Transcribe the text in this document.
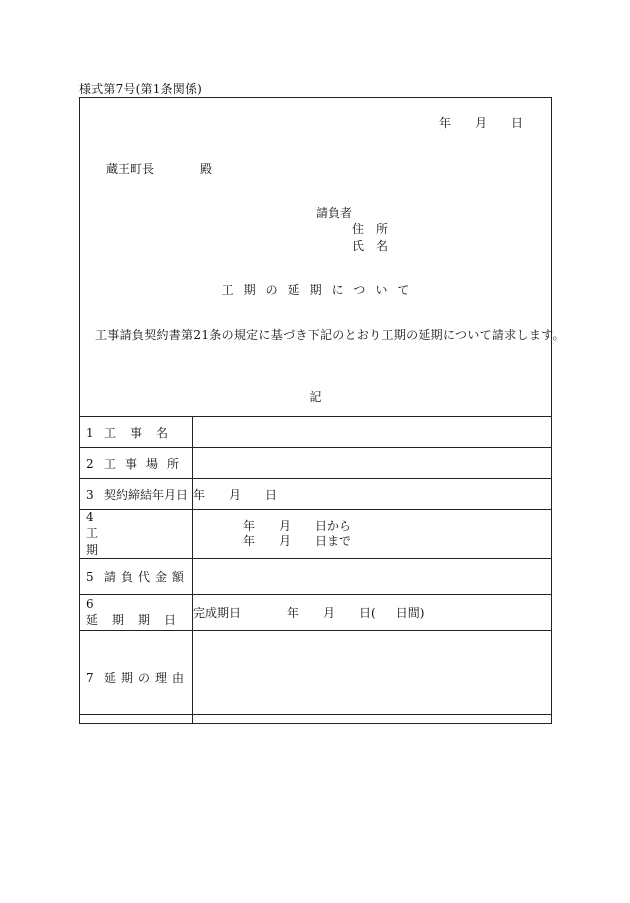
様式第7号(第1条関係)
年 月 日
蔵王町長	殿
請負者
住　所
氏　名
工期の延期について
工事請負契約書第21条の規定に基づき下記のとおり工期の延期について請求します。
記
1 工事名	
2 工事場所	
3 契約締結年月日	年 月 日
4工期	年 月 日から
年 月 日まで

5 請負代金額	
6延期期日	完成期日 年 月 日( 日間)
7 延期の理由	
